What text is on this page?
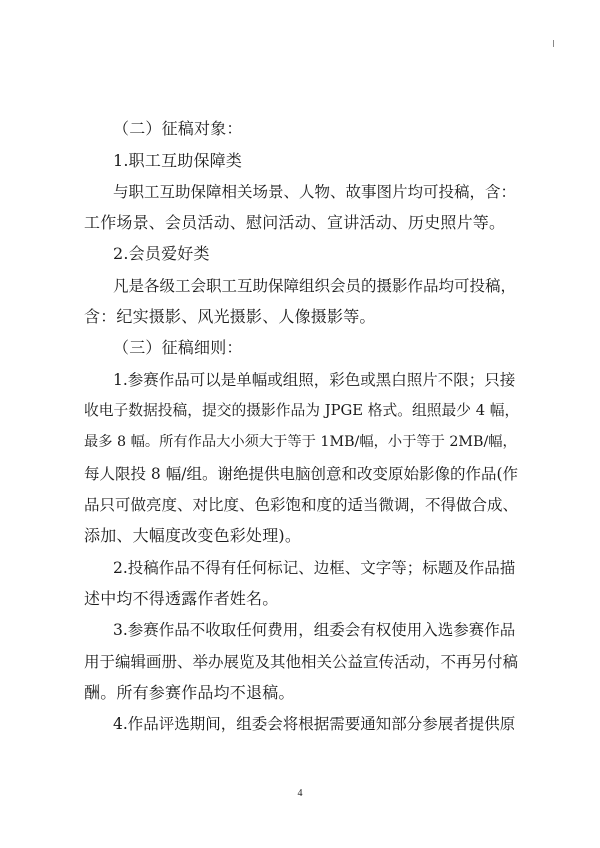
（二）征稿对象：
1.职工互助保障类
与职工互助保障相关场景、人物、故事图片均可投稿，含：
工作场景、会员活动、慰问活动、宣讲活动、历史照片等。
2.会员爱好类
凡是各级工会职工互助保障组织会员的摄影作品均可投稿，
含：纪实摄影、风光摄影、人像摄影等。
（三）征稿细则：
1.参赛作品可以是单幅或组照，彩色或黑白照片不限；只接
收电子数据投稿，提交的摄影作品为 JPGE 格式。组照最少 4 幅，
最多 8 幅。所有作品大小须大于等于 1MB/幅，小于等于 2MB/幅，
每人限投 8 幅/组。谢绝提供电脑创意和改变原始影像的作品(作
品只可做亮度、对比度、色彩饱和度的适当微调，不得做合成、
添加、大幅度改变色彩处理)。
2.投稿作品不得有任何标记、边框、文字等；标题及作品描
述中均不得透露作者姓名。
3.参赛作品不收取任何费用，组委会有权使用入选参赛作品
用于编辑画册、举办展览及其他相关公益宣传活动，不再另付稿
酬。所有参赛作品均不退稿。
4.作品评选期间，组委会将根据需要通知部分参展者提供原
4
